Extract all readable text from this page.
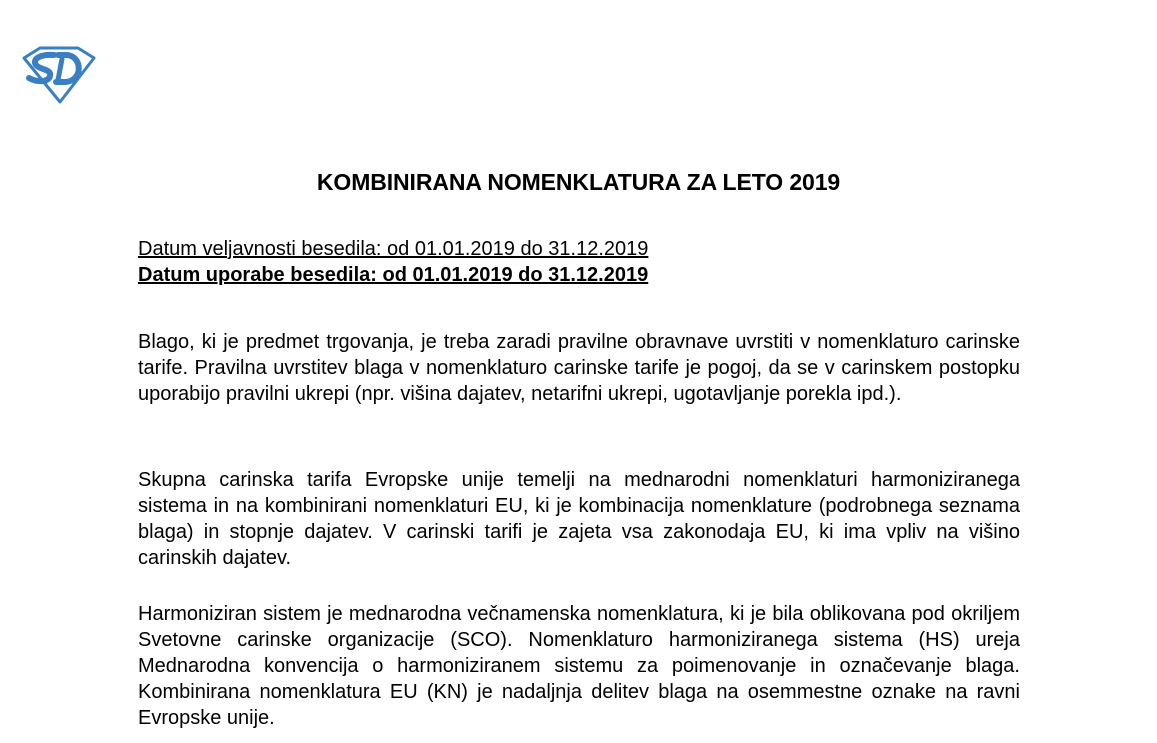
KOMBINIRANA NOMENKLATURA ZA LETO 2019
Datum veljavnosti besedila: od 01.01.2019 do 31.12.2019
Datum uporabe besedila: od 01.01.2019 do 31.12.2019
Blago, ki je predmet trgovanja, je treba zaradi pravilne obravnave uvrstiti v nomenklaturo carinske tarife. Pravilna uvrstitev blaga v nomenklaturo carinske tarife je pogoj, da se v carinskem postopku uporabijo pravilni ukrepi (npr. višina dajatev, netarifni ukrepi, ugotavljanje porekla ipd.).
Skupna carinska tarifa Evropske unije temelji na mednarodni nomenklaturi harmoniziranega sistema in na kombinirani nomenklaturi EU, ki je kombinacija nomenklature (podrobnega seznama blaga) in stopnje dajatev. V carinski tarifi je zajeta vsa zakonodaja EU, ki ima vpliv na višino carinskih dajatev.
Harmoniziran sistem je mednarodna večnamenska nomenklatura, ki je bila oblikovana pod okriljem Svetovne carinske organizacije (SCO). Nomenklaturo harmoniziranega sistema (HS) ureja Mednarodna konvencija o harmoniziranem sistemu za poimenovanje in označevanje blaga. Kombinirana nomenklatura EU (KN) je nadaljnja delitev blaga na osemmestne oznake na ravni Evropske unije.
